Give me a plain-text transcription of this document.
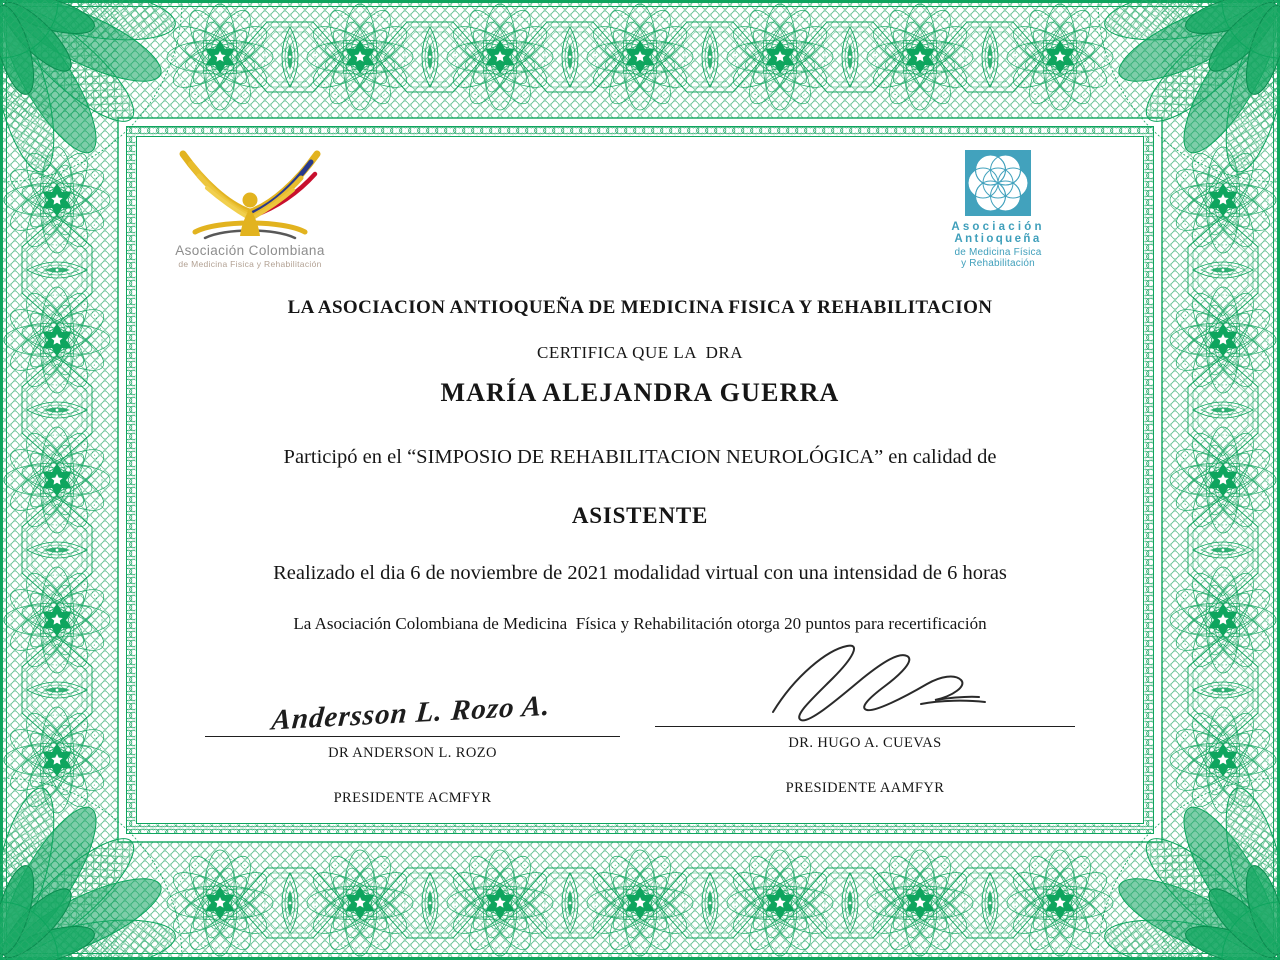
Asociación Colombiana
de Medicina Fisica y Rehabilitación
Asociación
Antioqueña
de Medicina Física
y Rehabilitación
LA ASOCIACION ANTIOQUEÑA DE MEDICINA FISICA Y REHABILITACION
CERTIFICA QUE LA  DRA
MARÍA ALEJANDRA GUERRA
Participó en el “SIMPOSIO DE REHABILITACION NEUROLÓGICA” en calidad de
ASISTENTE
Realizado el dia 6 de noviembre de 2021 modalidad virtual con una intensidad de 6 horas
La Asociación Colombiana de Medicina  Física y Rehabilitación otorga 20 puntos para recertificación
Andersson L. Rozo A.
DR ANDERSON L. ROZO
PRESIDENTE ACMFYR
DR. HUGO A. CUEVAS
PRESIDENTE AAMFYR
